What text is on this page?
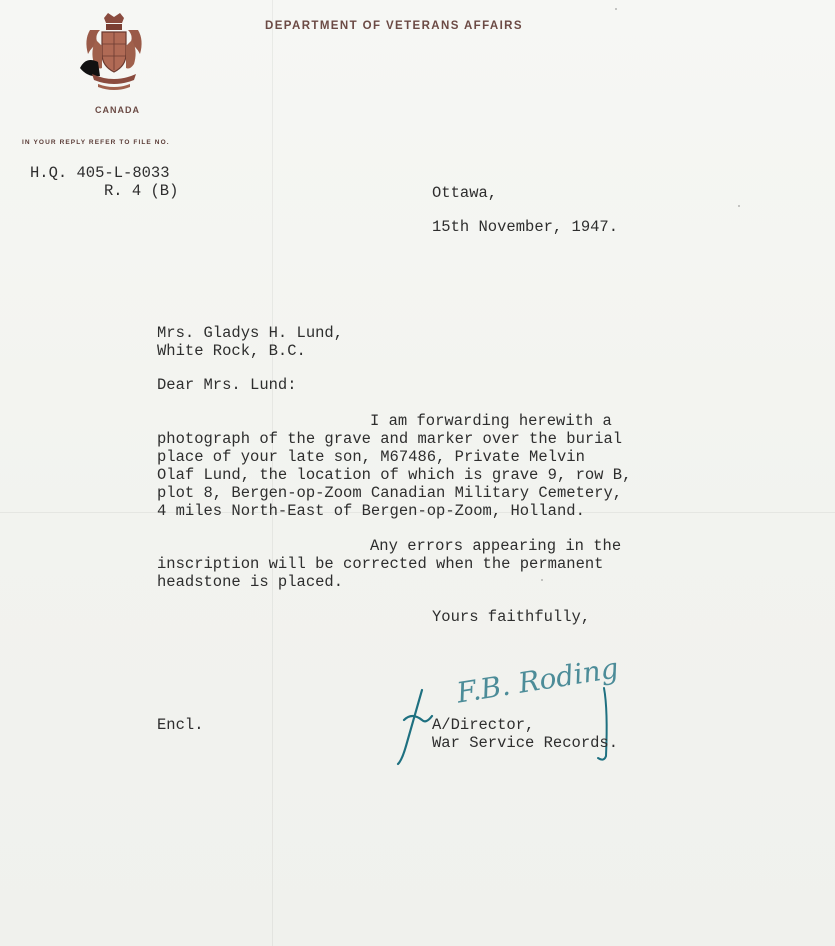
DEPARTMENT OF VETERANS AFFAIRS
CANADA
IN YOUR REPLY REFER TO FILE NO.
H.Q. 405-L-8033
R. 4 (B)	Ottawa,
15th November, 1947.
Mrs. Gladys H. Lund,
White Rock, B.C.
Dear Mrs. Lund:
I am forwarding herewith a
photograph of the grave and marker over the burial
place of your late son, M67486, Private Melvin
Olaf Lund, the location of which is grave 9, row B,
plot 8, Bergen-op-Zoom Canadian Military Cemetery,
4 miles North-East of Bergen-op-Zoom, Holland.
Any errors appearing in the
inscription will be corrected when the permanent
headstone is placed.
Yours faithfully,
F.B. Roding
A/Director,
War Service Records.
Encl.
